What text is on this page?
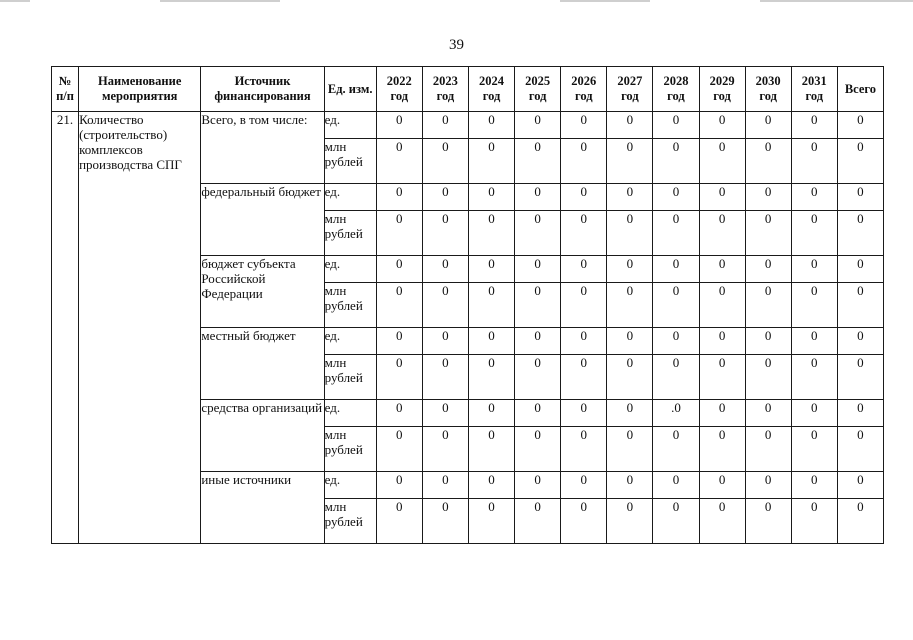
39
№ п/п	Наименование мероприятия	Источник финансирования	Ед. изм.	2022 год	2023 год	2024 год	2025 год	2026 год	2027 год	2028 год	2029 год	2030 год	2031 год	Всего
21.	Количество (строительство) комплексов производства СПГ	Всего, в том числе:	ед.	0	0	0	0	0	0	0	0	0	0	0
			млн рублей	0	0	0	0	0	0	0	0	0	0	0
		федеральный бюджет	ед.	0	0	0	0	0	0	0	0	0	0	0
			млн рублей	0	0	0	0	0	0	0	0	0	0	0
		бюджет субъекта Российской Федерации	ед.	0	0	0	0	0	0	0	0	0	0	0
			млн рублей	0	0	0	0	0	0	0	0	0	0	0
		местный бюджет	ед.	0	0	0	0	0	0	0	0	0	0	0
			млн рублей	0	0	0	0	0	0	0	0	0	0	0
		средства организаций	ед.	0	0	0	0	0	0	.0	0	0	0	0
			млн рублей	0	0	0	0	0	0	0	0	0	0	0
		иные источники	ед.	0	0	0	0	0	0	0	0	0	0	0
			млн рублей	0	0	0	0	0	0	0	0	0	0	0
